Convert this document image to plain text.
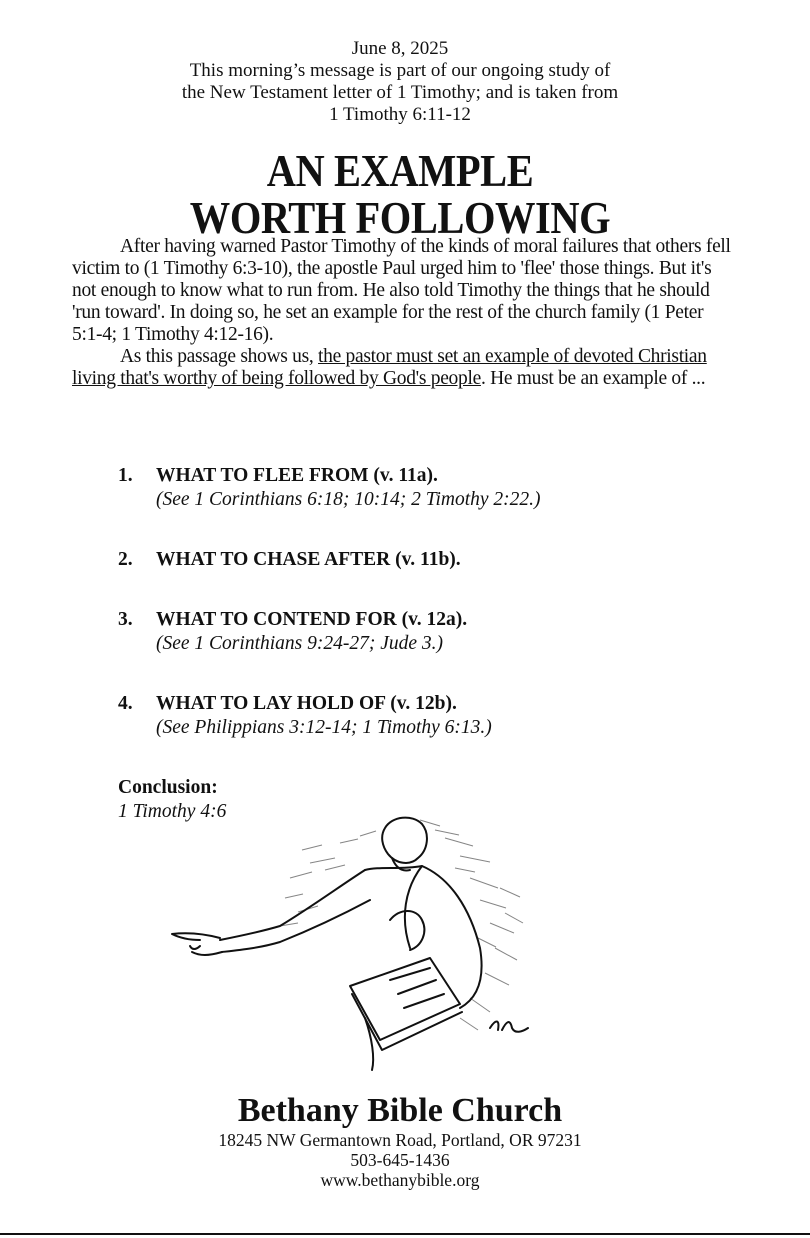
June 8, 2025
This morning’s message is part of our ongoing study of
the New Testament letter of 1 Timothy; and is taken from
1 Timothy 6:11-12
AN EXAMPLE
WORTH FOLLOWING

After having warned Pastor Timothy of the kinds of moral failures that others fell victim to (1 Timothy 6:3-10), the apostle Paul urged him to 'flee' those things. But it's not enough to know what to run from. He also told Timothy the things that he should 'run toward'. In doing so, he set an example for the rest of the church family (1 Peter 5:1-4; 1 Timothy 4:12-16).

As this passage shows us, the pastor must set an example of devoted Christian living that's worthy of being followed by God's people. He must be an example of ...

1. WHAT TO FLEE FROM (v. 11a).
(See 1 Corinthians 6:18; 10:14; 2 Timothy 2:22.)
2. WHAT TO CHASE AFTER (v. 11b).
3. WHAT TO CONTEND FOR (v. 12a).
(See 1 Corinthians 9:24-27; Jude 3.)
4. WHAT TO LAY HOLD OF (v. 12b).
(See Philippians 3:12-14; 1 Timothy 6:13.)
Conclusion:
1 Timothy 4:6
Bethany Bible Church
18245 NW Germantown Road, Portland, OR 97231
503-645-1436
www.bethanybible.org
